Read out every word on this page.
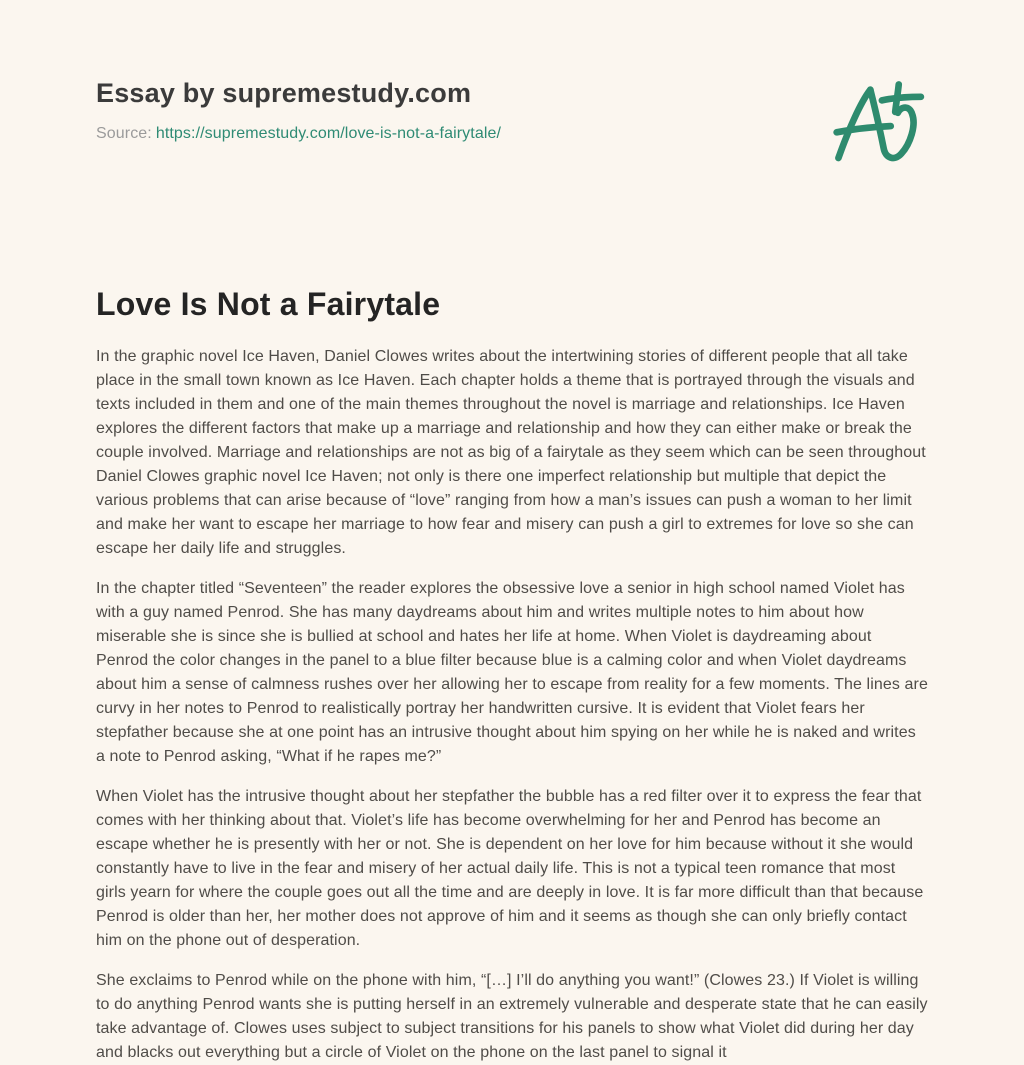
Essay by supremestudy.com
Source: https://supremestudy.com/love-is-not-a-fairytale/
Love Is Not a Fairytale

In the graphic novel Ice Haven, Daniel Clowes writes about the intertwining stories of different people that all take place in the small town known as Ice Haven. Each chapter holds a theme that is portrayed through the visuals and texts included in them and one of the main themes throughout the novel is marriage and relationships. Ice Haven explores the different factors that make up a marriage and relationship and how they can either make or break the couple involved. Marriage and relationships are not as big of a fairytale as they seem which can be seen throughout Daniel Clowes graphic novel Ice Haven; not only is there one imperfect relationship but multiple that depict the various problems that can arise because of “love” ranging from how a man’s issues can push a woman to her limit and make her want to escape her marriage to how fear and misery can push a girl to extremes for love so she can escape her daily life and struggles.

In the chapter titled “Seventeen” the reader explores the obsessive love a senior in high school named Violet has with a guy named Penrod. She has many daydreams about him and writes multiple notes to him about how miserable she is since she is bullied at school and hates her life at home. When Violet is daydreaming about Penrod the color changes in the panel to a blue filter because blue is a calming color and when Violet daydreams about him a sense of calmness rushes over her allowing her to escape from reality for a few moments. The lines are curvy in her notes to Penrod to realistically portray her handwritten cursive. It is evident that Violet fears her stepfather because she at one point has an intrusive thought about him spying on her while he is naked and writes a note to Penrod asking, “What if he rapes me?”

When Violet has the intrusive thought about her stepfather the bubble has a red filter over it to express the fear that comes with her thinking about that. Violet’s life has become overwhelming for her and Penrod has become an escape whether he is presently with her or not. She is dependent on her love for him because without it she would constantly have to live in the fear and misery of her actual daily life. This is not a typical teen romance that most girls yearn for where the couple goes out all the time and are deeply in love. It is far more difficult than that because Penrod is older than her, her mother does not approve of him and it seems as though she can only briefly contact him on the phone out of desperation.

She exclaims to Penrod while on the phone with him, “[…] I’ll do anything you want!” (Clowes 23.) If Violet is willing to do anything Penrod wants she is putting herself in an extremely vulnerable and desperate state that he can easily take advantage of. Clowes uses subject to subject transitions for his panels to show what Violet did during her day and blacks out everything but a circle of Violet on the phone on the last panel to signal it
